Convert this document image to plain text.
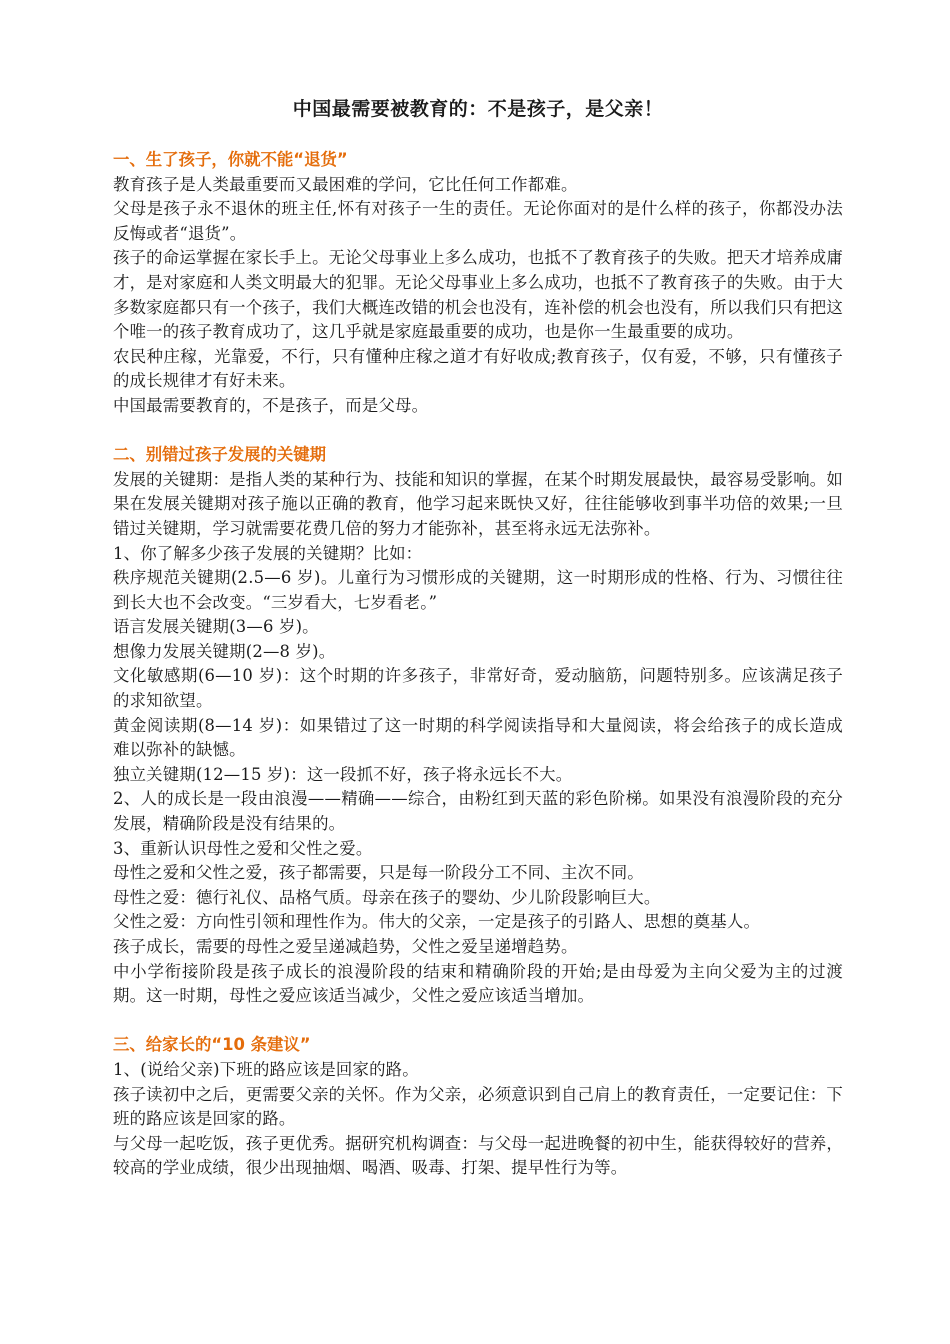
中国最需要被教育的：不是孩子，是父亲！
一、生了孩子，你就不能“退货”
教育孩子是人类最重要而又最困难的学问，它比任何工作都难。
父母是孩子永不退休的班主任,怀有对孩子一生的责任。无论你面对的是什么样的孩子，你都没办法反悔或者“退货”。
孩子的命运掌握在家长手上。无论父母事业上多么成功，也抵不了教育孩子的失败。把天才培养成庸才，是对家庭和人类文明最大的犯罪。无论父母事业上多么成功，也抵不了教育孩子的失败。由于大多数家庭都只有一个孩子，我们大概连改错的机会也没有，连补偿的机会也没有，所以我们只有把这个唯一的孩子教育成功了，这几乎就是家庭最重要的成功，也是你一生最重要的成功。
农民种庄稼，光靠爱，不行，只有懂种庄稼之道才有好收成;教育孩子，仅有爱，不够，只有懂孩子的成长规律才有好未来。
中国最需要教育的，不是孩子，而是父母。
二、别错过孩子发展的关键期
发展的关键期：是指人类的某种行为、技能和知识的掌握，在某个时期发展最快，最容易受影响。如果在发展关键期对孩子施以正确的教育，他学习起来既快又好，往往能够收到事半功倍的效果;一旦错过关键期，学习就需要花费几倍的努力才能弥补，甚至将永远无法弥补。
1、你了解多少孩子发展的关键期？比如：
秩序规范关键期(2.5—6 岁)。儿童行为习惯形成的关键期，这一时期形成的性格、行为、习惯往往到长大也不会改变。“三岁看大，七岁看老。”
语言发展关键期(3—6 岁)。
想像力发展关键期(2—8 岁)。
文化敏感期(6—10 岁)：这个时期的许多孩子，非常好奇，爱动脑筋，问题特别多。应该满足孩子的求知欲望。
黄金阅读期(8—14 岁)：如果错过了这一时期的科学阅读指导和大量阅读，将会给孩子的成长造成难以弥补的缺憾。
独立关键期(12—15 岁)：这一段抓不好，孩子将永远长不大。
2、人的成长是一段由浪漫——精确——综合，由粉红到天蓝的彩色阶梯。如果没有浪漫阶段的充分发展，精确阶段是没有结果的。
3、重新认识母性之爱和父性之爱。
母性之爱和父性之爱，孩子都需要，只是每一阶段分工不同、主次不同。
母性之爱：德行礼仪、品格气质。母亲在孩子的婴幼、少儿阶段影响巨大。
父性之爱：方向性引领和理性作为。伟大的父亲，一定是孩子的引路人、思想的奠基人。
孩子成长，需要的母性之爱呈递减趋势，父性之爱呈递增趋势。
中小学衔接阶段是孩子成长的浪漫阶段的结束和精确阶段的开始;是由母爱为主向父爱为主的过渡期。这一时期，母性之爱应该适当减少，父性之爱应该适当增加。
三、给家长的“10 条建议”
1、(说给父亲)下班的路应该是回家的路。
孩子读初中之后，更需要父亲的关怀。作为父亲，必须意识到自己肩上的教育责任，一定要记住：下班的路应该是回家的路。
与父母一起吃饭，孩子更优秀。据研究机构调查：与父母一起进晚餐的初中生，能获得较好的营养，较高的学业成绩，很少出现抽烟、喝酒、吸毒、打架、提早性行为等。
